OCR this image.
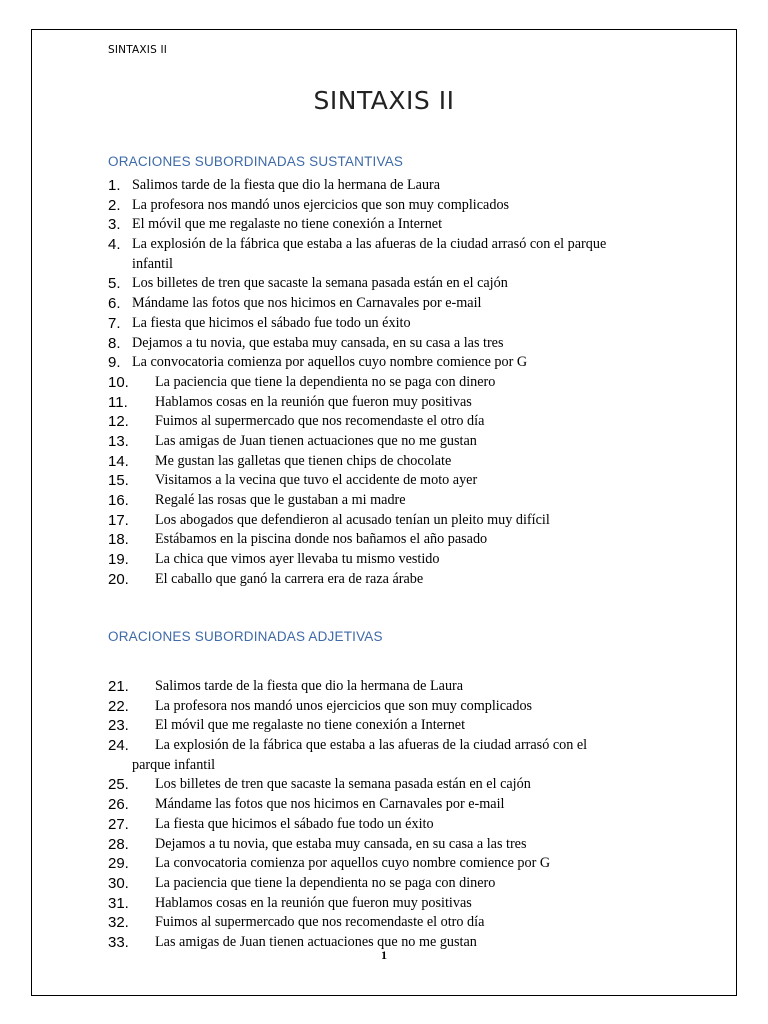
SINTAXIS II
SINTAXIS II
ORACIONES SUBORDINADAS SUSTANTIVAS
1. Salimos tarde de la fiesta que dio la hermana de Laura
2. La profesora nos mandó unos ejercicios que son muy complicados
3. El móvil que me regalaste no tiene conexión a Internet
4. La explosión de la fábrica que estaba a las afueras de la ciudad arrasó con el parque
infantil
5. Los billetes de tren que sacaste la semana pasada están en el cajón
6. Mándame las fotos que nos hicimos en Carnavales por e-mail
7. La fiesta que hicimos el sábado fue todo un éxito
8. Dejamos a tu novia, que estaba muy cansada, en su casa a las tres
9. La convocatoria comienza por aquellos cuyo nombre comience por G
10. La paciencia que tiene la dependienta no se paga con dinero
11. Hablamos cosas en la reunión que fueron muy positivas
12. Fuimos al supermercado que nos recomendaste el otro día
13. Las amigas de Juan tienen actuaciones que no me gustan
14. Me gustan las galletas que tienen chips de chocolate
15. Visitamos a la vecina que tuvo el accidente de moto ayer
16. Regalé las rosas que le gustaban a mi madre
17. Los abogados que defendieron al acusado tenían un pleito muy difícil
18. Estábamos en la piscina donde nos bañamos el año pasado
19. La chica que vimos ayer llevaba tu mismo vestido
20. El caballo que ganó la carrera era de raza árabe
ORACIONES SUBORDINADAS ADJETIVAS
21. Salimos tarde de la fiesta que dio la hermana de Laura
22. La profesora nos mandó unos ejercicios que son muy complicados
23. El móvil que me regalaste no tiene conexión a Internet
24. La explosión de la fábrica que estaba a las afueras de la ciudad arrasó con el
parque infantil
25. Los billetes de tren que sacaste la semana pasada están en el cajón
26. Mándame las fotos que nos hicimos en Carnavales por e-mail
27. La fiesta que hicimos el sábado fue todo un éxito
28. Dejamos a tu novia, que estaba muy cansada, en su casa a las tres
29. La convocatoria comienza por aquellos cuyo nombre comience por G
30. La paciencia que tiene la dependienta no se paga con dinero
31. Hablamos cosas en la reunión que fueron muy positivas
32. Fuimos al supermercado que nos recomendaste el otro día
33. Las amigas de Juan tienen actuaciones que no me gustan
1
